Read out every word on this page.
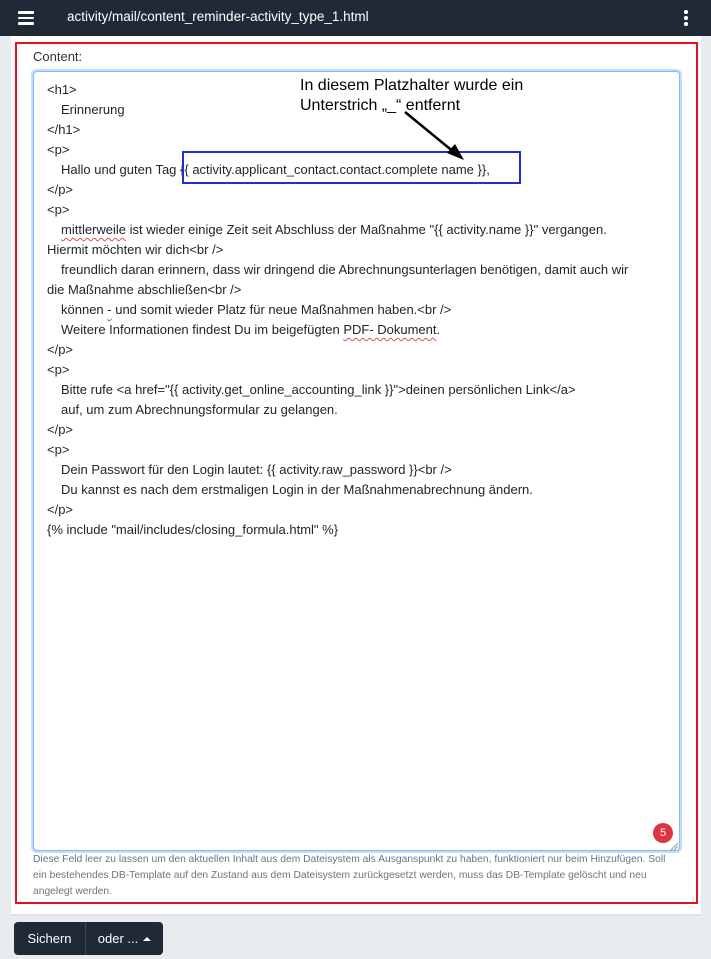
activity/mail/content_reminder-activity_type_1.html
Content:
<h1>
Erinnerung
</h1>
<p>
Hallo und guten Tag {{ activity.applicant_contact.contact.complete name }},
</p>
<p>
mittlerweile ist wieder einige Zeit seit Abschluss der Maßnahme "{{ activity.name }}" vergangen.
Hiermit möchten wir dich<br />
freundlich daran erinnern, dass wir dringend die Abrechnungsunterlagen benötigen, damit auch wir
die Maßnahme abschließen<br />
können - und somit wieder Platz für neue Maßnahmen haben.<br />
Weitere Informationen findest Du im beigefügten PDF- Dokument.
</p>
<p>
Bitte rufe <a href="{{ activity.get_online_accounting_link }}">deinen persönlichen Link</a>
auf, um zum Abrechnungsformular zu gelangen.
</p>
<p>
Dein Passwort für den Login lautet: {{ activity.raw_password }}<br />
Du kannst es nach dem erstmaligen Login in der Maßnahmenabrechnung ändern.
</p>
{% include "mail/includes/closing_formula.html" %}
In diesem Platzhalter wurde ein
Unterstrich „_“ entfernt
5
Diese Feld leer zu lassen um den aktuellen Inhalt aus dem Dateisystem als Ausganspunkt zu haben, funktioniert nur beim Hinzufügen. Soll ein bestehendes DB-Template auf den Zustand aus dem Dateisystem zurückgesetzt werden, muss das DB-Template gelöscht und neu angelegt werden.
Sichern	oder ...
